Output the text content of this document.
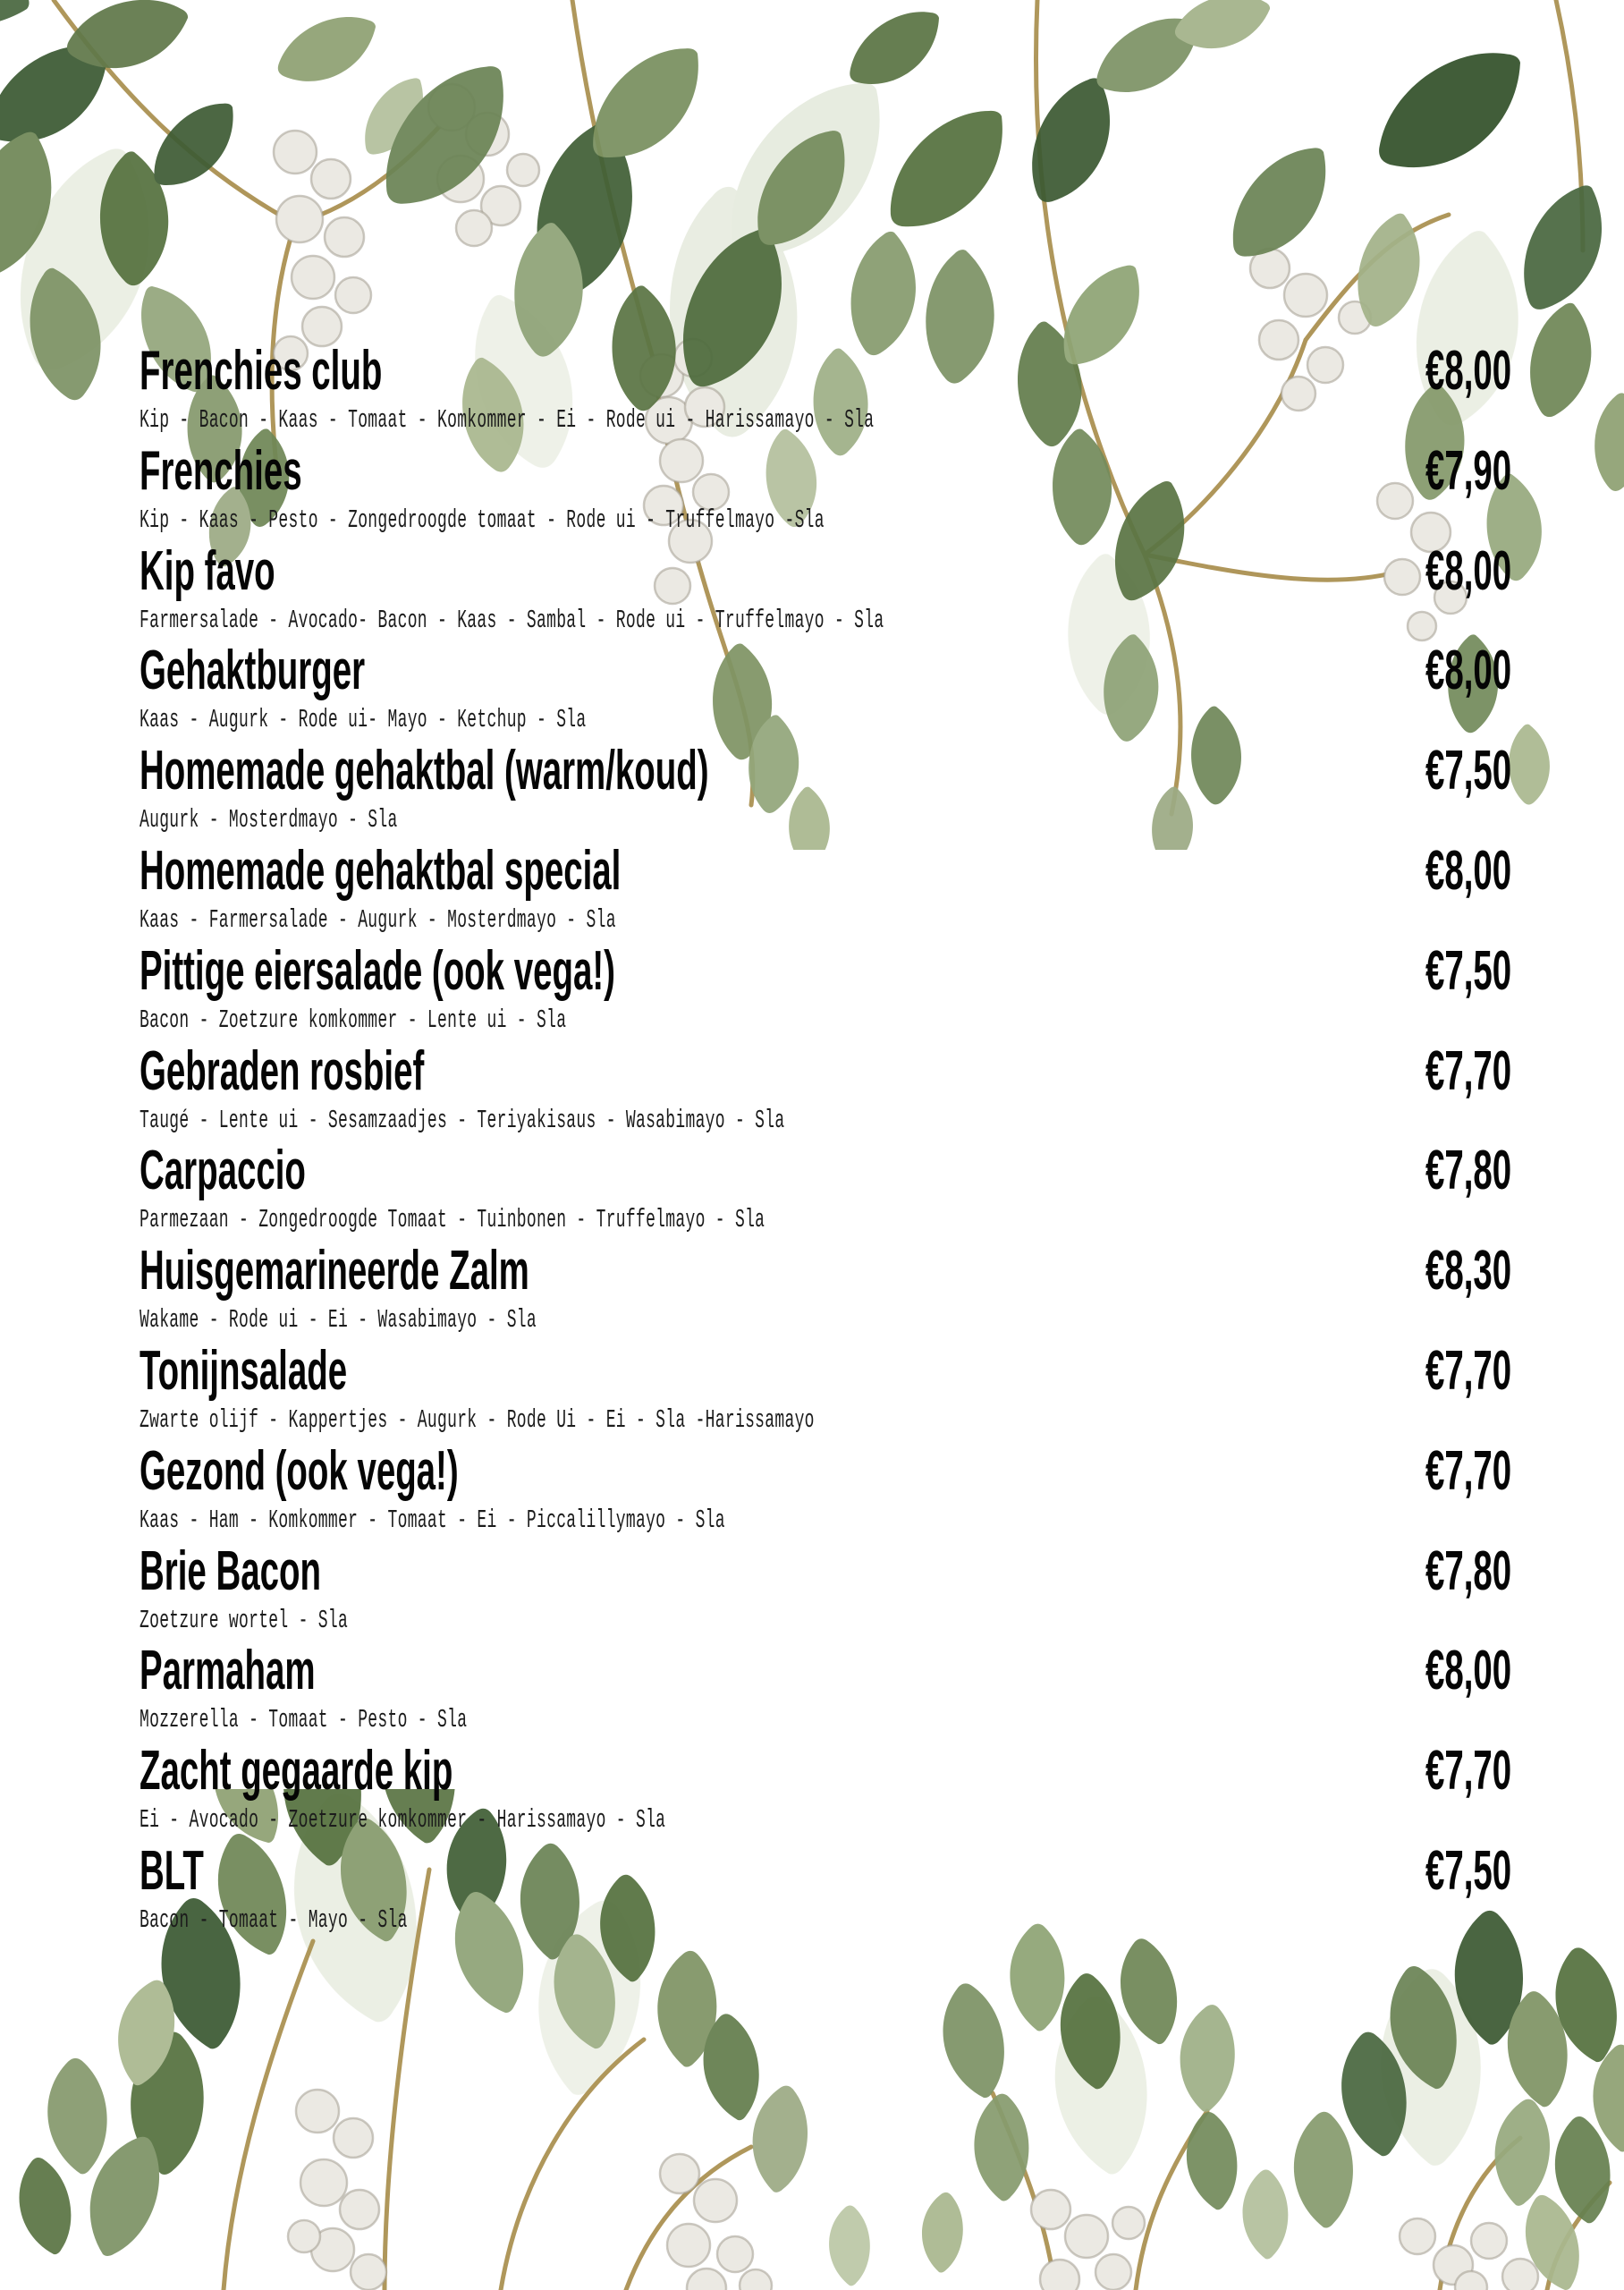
Frenchies club	€8,00

Kip - Bacon - Kaas - Tomaat - Komkommer - Ei - Rode ui - Harissamayo - Sla

Frenchies	€7,90

Kip - Kaas - Pesto - Zongedroogde tomaat - Rode ui - Truffelmayo -Sla

Kip favo	€8,00

Farmersalade - Avocado- Bacon - Kaas - Sambal - Rode ui - Truffelmayo - Sla

Gehaktburger	€8,00

Kaas - Augurk - Rode ui- Mayo - Ketchup - Sla

Homemade gehaktbal (warm/koud)	€7,50

Augurk - Mosterdmayo - Sla

Homemade gehaktbal special	€8,00

Kaas - Farmersalade - Augurk - Mosterdmayo - Sla

Pittige eiersalade (ook vega!)	€7,50

Bacon - Zoetzure komkommer - Lente ui - Sla

Gebraden rosbief	€7,70

Taugé - Lente ui - Sesamzaadjes - Teriyakisaus - Wasabimayo - Sla

Carpaccio	€7,80

Parmezaan - Zongedroogde Tomaat - Tuinbonen - Truffelmayo - Sla

Huisgemarineerde Zalm	€8,30

Wakame - Rode ui - Ei - Wasabimayo - Sla

Tonijnsalade	€7,70

Zwarte olijf - Kappertjes - Augurk - Rode Ui - Ei - Sla -Harissamayo

Gezond (ook vega!)	€7,70

Kaas - Ham - Komkommer - Tomaat - Ei - Piccalillymayo - Sla

Brie Bacon	€7,80

Zoetzure wortel - Sla

Parmaham	€8,00

Mozzerella - Tomaat - Pesto - Sla

Zacht gegaarde kip	€7,70

Ei - Avocado - Zoetzure komkommer - Harissamayo - Sla

BLT	€7,50

Bacon - Tomaat - Mayo - Sla
